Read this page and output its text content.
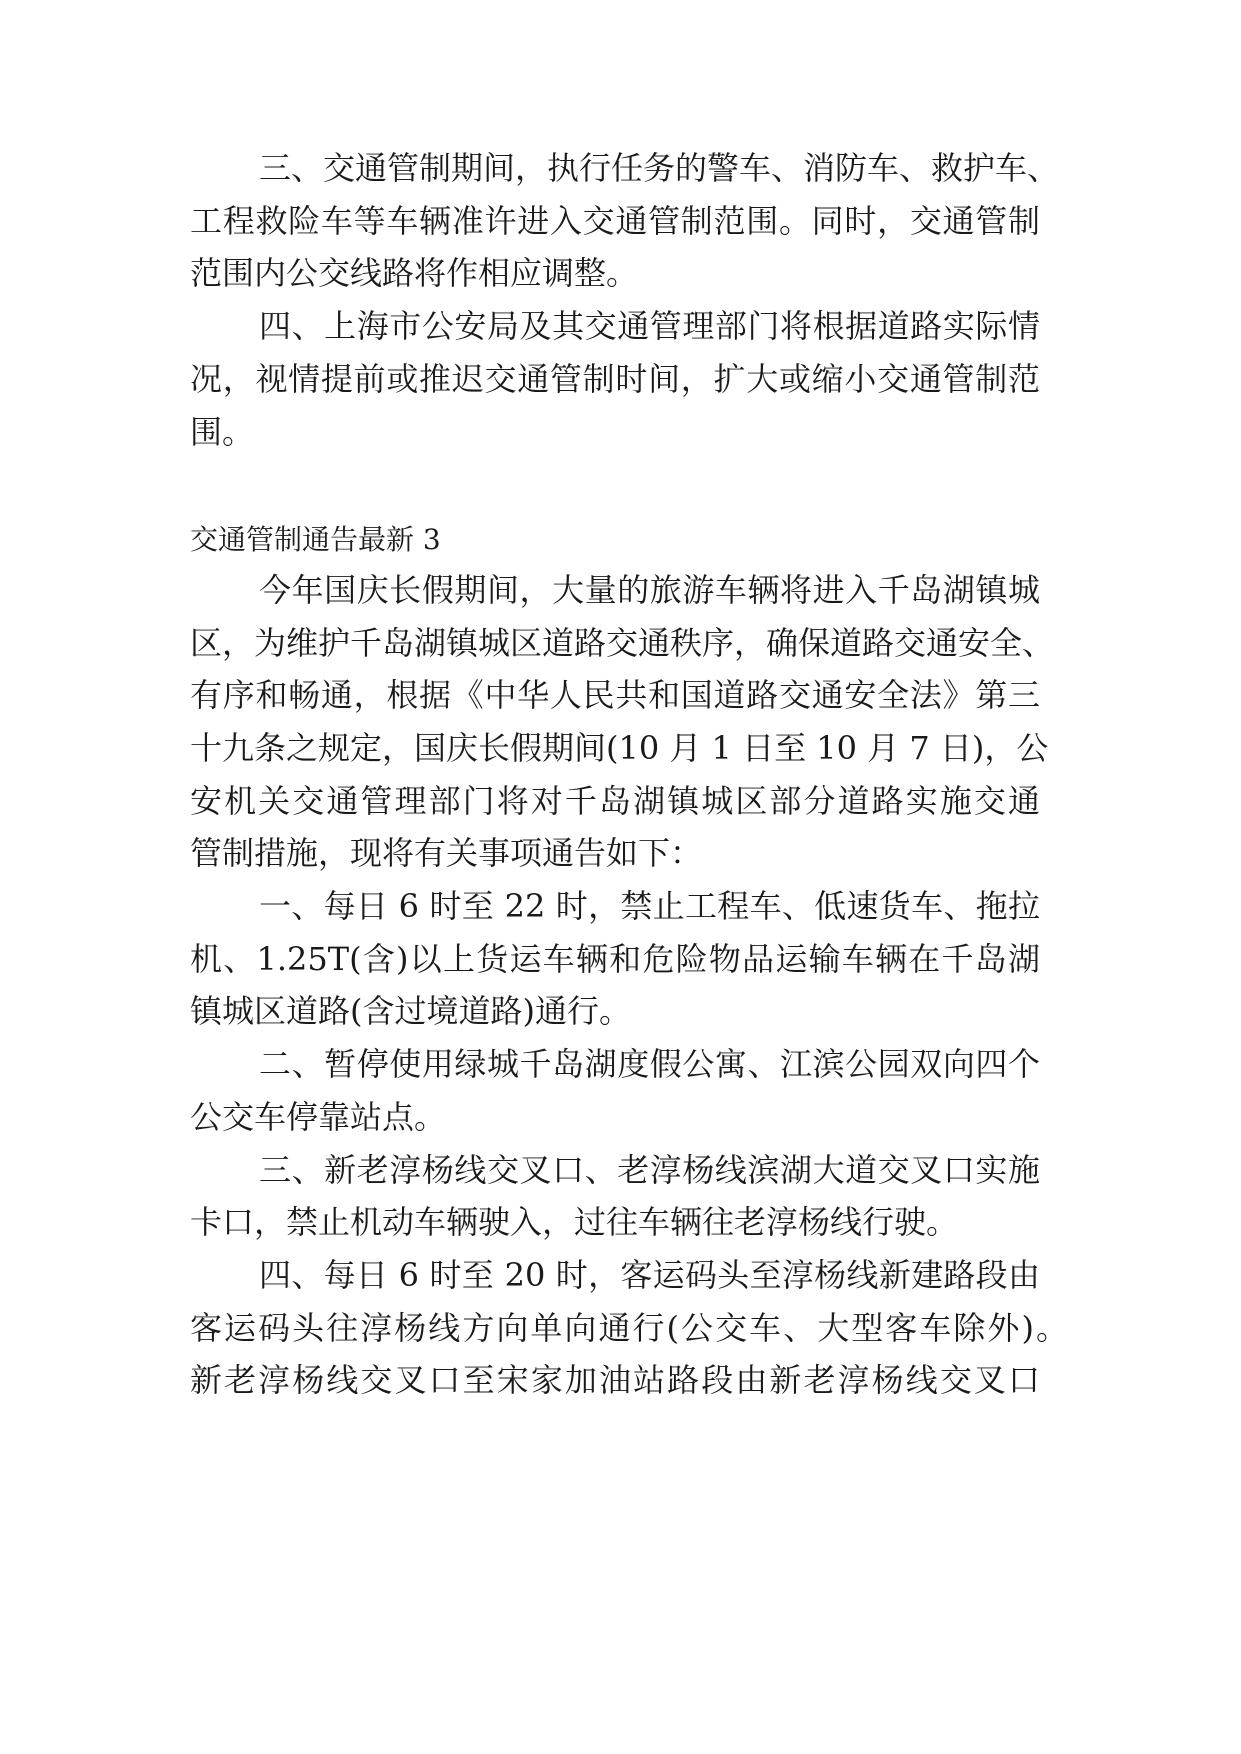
三、交通管制期间，执行任务的警车、消防车、救护车、
工程救险车等车辆准许进入交通管制范围。同时，交通管制
范围内公交线路将作相应调整。
四、上海市公安局及其交通管理部门将根据道路实际情
况，视情提前或推迟交通管制时间，扩大或缩小交通管制范
围。
交通管制通告最新 3
今年国庆长假期间，大量的旅游车辆将进入千岛湖镇城
区，为维护千岛湖镇城区道路交通秩序，确保道路交通安全、
有序和畅通，根据《中华人民共和国道路交通安全法》第三
十九条之规定，国庆长假期间(10 月 1 日至 10 月 7 日)，公
安机关交通管理部门将对千岛湖镇城区部分道路实施交通
管制措施，现将有关事项通告如下：
一、每日 6 时至 22 时，禁止工程车、低速货车、拖拉
机、1.25T(含)以上货运车辆和危险物品运输车辆在千岛湖
镇城区道路(含过境道路)通行。
二、暂停使用绿城千岛湖度假公寓、江滨公园双向四个
公交车停靠站点。
三、新老淳杨线交叉口、老淳杨线滨湖大道交叉口实施
卡口，禁止机动车辆驶入，过往车辆往老淳杨线行驶。
四、每日 6 时至 20 时，客运码头至淳杨线新建路段由
客运码头往淳杨线方向单向通行(公交车、大型客车除外)。
新老淳杨线交叉口至宋家加油站路段由新老淳杨线交叉口
